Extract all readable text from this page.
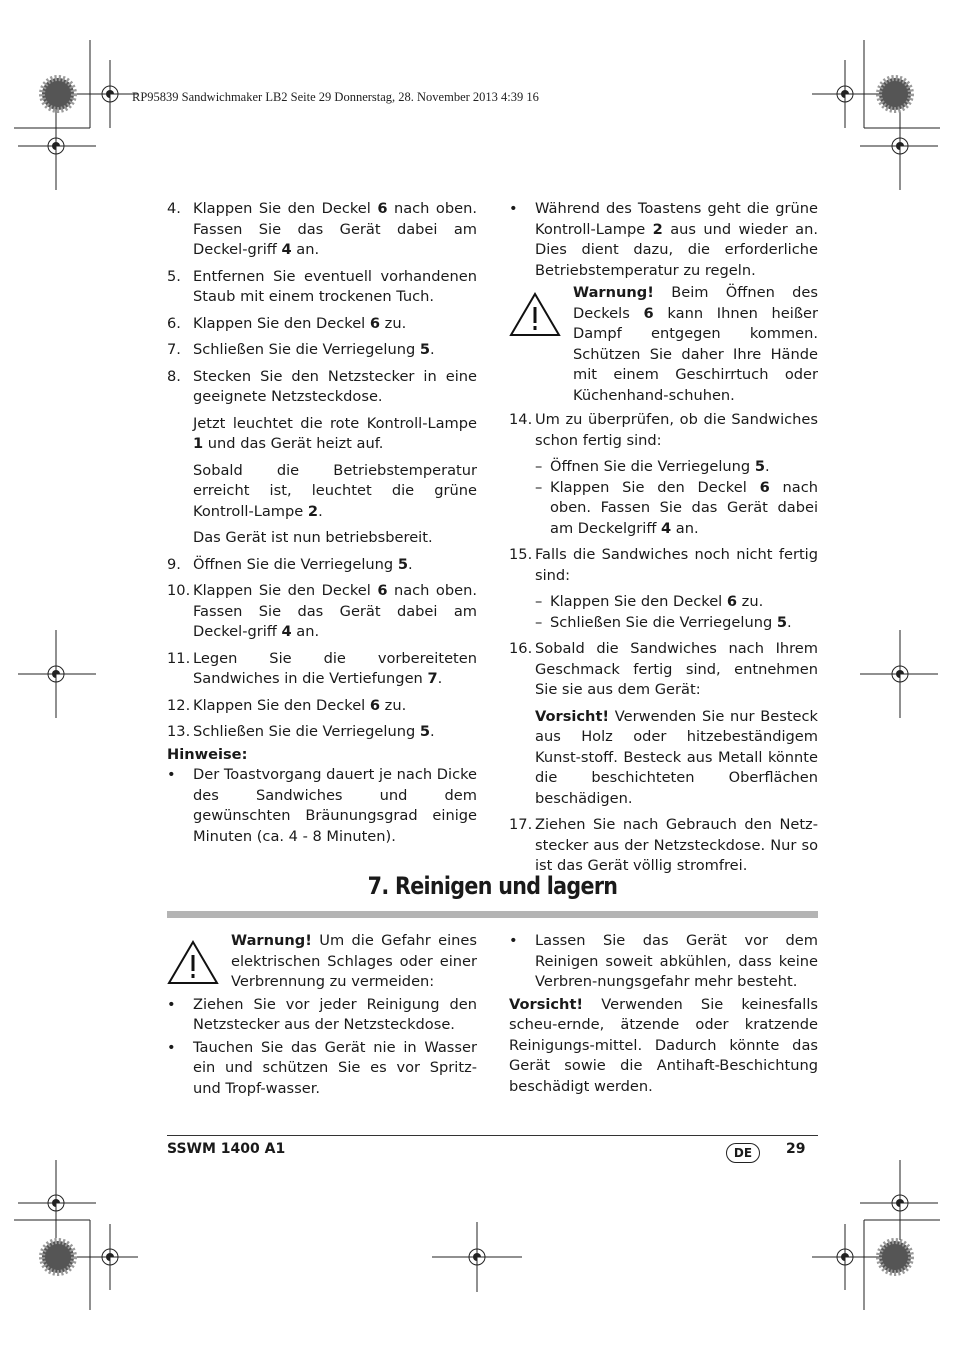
RP95839 Sandwichmaker LB2 Seite 29 Donnerstag, 28. November 2013 4:39 16
4. Klappen Sie den Deckel 6 nach oben. Fassen Sie das Gerät dabei am Deckel-griff 4 an.
5. Entfernen Sie eventuell vorhandenen Staub mit einem trockenen Tuch.
6. Klappen Sie den Deckel 6 zu.
7. Schließen Sie die Verriegelung 5.
8. Stecken Sie den Netzstecker in eine geeignete Netzsteckdose.
Jetzt leuchtet die rote Kontroll-Lampe 1 und das Gerät heizt auf.
Sobald die Betriebstemperatur erreicht ist, leuchtet die grüne Kontroll-Lampe 2.
Das Gerät ist nun betriebsbereit.
9. Öffnen Sie die Verriegelung 5.
10. Klappen Sie den Deckel 6 nach oben. Fassen Sie das Gerät dabei am Deckel-griff 4 an.
11. Legen Sie die vorbereiteten Sandwiches in die Vertiefungen 7.
12. Klappen Sie den Deckel 6 zu.
13. Schließen Sie die Verriegelung 5.
Hinweise:
•	Der Toastvorgang dauert je nach Dicke des Sandwiches und dem gewünschten Bräunungsgrad einige Minuten (ca. 4 - 8 Minuten).
•	Während des Toastens geht die grüne Kontroll-Lampe 2 aus und wieder an. Dies dient dazu, die erforderliche Betriebstemperatur zu regeln.
Warnung! Beim Öffnen des Deckels 6 kann Ihnen heißer Dampf entgegen kommen. Schützen Sie daher Ihre Hände mit einem Geschirrtuch oder Küchenhand-schuhen.
14. Um zu überprüfen, ob die Sandwiches schon fertig sind:
– Öffnen Sie die Verriegelung 5.
– Klappen Sie den Deckel 6 nach oben. Fassen Sie das Gerät dabei am Deckelgriff 4 an.
15. Falls die Sandwiches noch nicht fertig sind:
– Klappen Sie den Deckel 6 zu.
– Schließen Sie die Verriegelung 5.
16. Sobald die Sandwiches nach Ihrem Geschmack fertig sind, entnehmen Sie sie aus dem Gerät:
Vorsicht! Verwenden Sie nur Besteck aus Holz oder hitzebeständigem Kunst-stoff. Besteck aus Metall könnte die beschichteten Oberflächen beschädigen.
17. Ziehen Sie nach Gebrauch den Netz-stecker aus der Netzsteckdose. Nur so ist das Gerät völlig stromfrei.
7. Reinigen und lagern
Warnung! Um die Gefahr eines elektrischen Schlages oder einer Verbrennung zu vermeiden:
•	Ziehen Sie vor jeder Reinigung den Netzstecker aus der Netzsteckdose.
•	Tauchen Sie das Gerät nie in Wasser ein und schützen Sie es vor Spritz- und Tropf-wasser.
•	Lassen Sie das Gerät vor dem Reinigen soweit abkühlen, dass keine Verbren-nungsgefahr mehr besteht.
Vorsicht! Verwenden Sie keinesfalls scheu-ernde, ätzende oder kratzende Reinigungs-mittel. Dadurch könnte das Gerät sowie die Antihaft-Beschichtung beschädigt werden.
SSWM 1400 A1	DE	29
